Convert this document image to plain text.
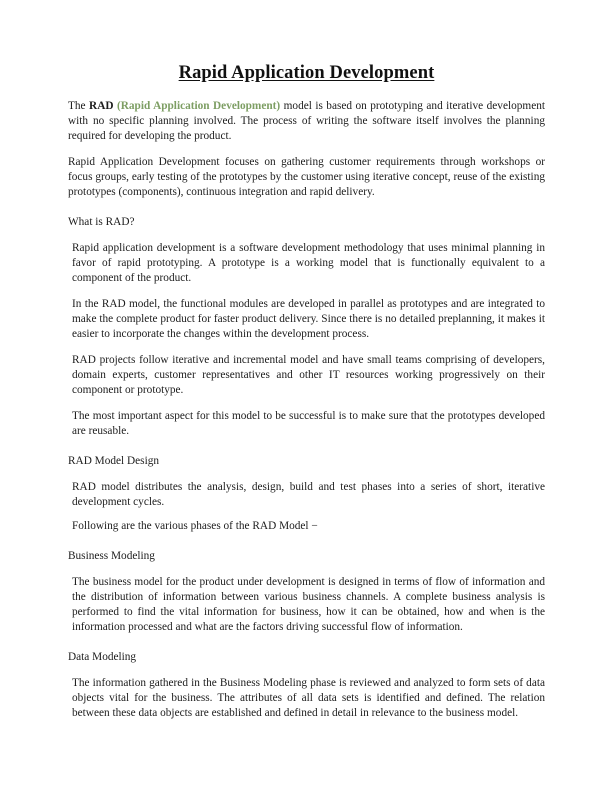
Rapid Application Development

The RAD (Rapid Application Development) model is based on prototyping and iterative development with no specific planning involved. The process of writing the software itself involves the planning required for developing the product.

Rapid Application Development focuses on gathering customer requirements through workshops or focus groups, early testing of the prototypes by the customer using iterative concept, reuse of the existing prototypes (components), continuous integration and rapid delivery.

What is RAD?

Rapid application development is a software development methodology that uses minimal planning in favor of rapid prototyping. A prototype is a working model that is functionally equivalent to a component of the product.

In the RAD model, the functional modules are developed in parallel as prototypes and are integrated to make the complete product for faster product delivery. Since there is no detailed preplanning, it makes it easier to incorporate the changes within the development process.

RAD projects follow iterative and incremental model and have small teams comprising of developers, domain experts, customer representatives and other IT resources working progressively on their component or prototype.

The most important aspect for this model to be successful is to make sure that the prototypes developed are reusable.

RAD Model Design

RAD model distributes the analysis, design, build and test phases into a series of short, iterative development cycles.

Following are the various phases of the RAD Model −

Business Modeling

The business model for the product under development is designed in terms of flow of information and the distribution of information between various business channels. A complete business analysis is performed to find the vital information for business, how it can be obtained, how and when is the information processed and what are the factors driving successful flow of information.

Data Modeling

The information gathered in the Business Modeling phase is reviewed and analyzed to form sets of data objects vital for the business. The attributes of all data sets is identified and defined. The relation between these data objects are established and defined in detail in relevance to the business model.
